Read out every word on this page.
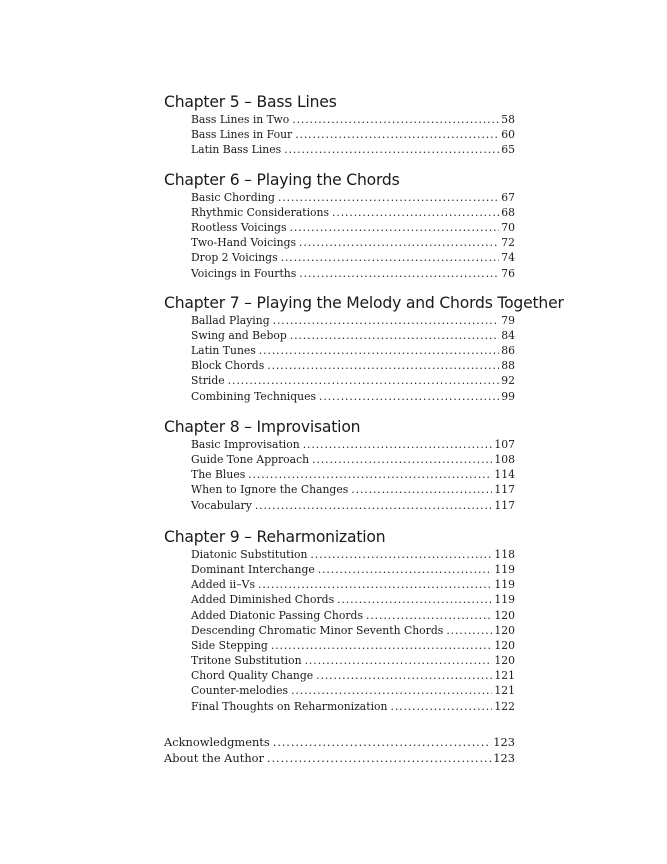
Chapter 5 – Bass Lines
Bass Lines in Two .....	58
Bass Lines in Four .....	60
Latin Bass Lines .....	65
Chapter 6 – Playing the Chords
Basic Chording .....	67
Rhythmic Considerations .....	68
Rootless Voicings .....	70
Two-Hand Voicings .....	72
Drop 2 Voicings .....	74
Voicings in Fourths .....	76
Chapter 7 – Playing the Melody and Chords Together
Ballad Playing .....	79
Swing and Bebop .....	84
Latin Tunes .....	86
Block Chords .....	88
Stride .....	92
Combining Techniques .....	99
Chapter 8 – Improvisation
Basic Improvisation .....	107
Guide Tone Approach .....	108
The Blues .....	114
When to Ignore the Changes .....	117
Vocabulary .....	117
Chapter 9 – Reharmonization
Diatonic Substitution .....	118
Dominant Interchange .....	119
Added ii–Vs .....	119
Added Diminished Chords .....	119
Added Diatonic Passing Chords .....	120
Descending Chromatic Minor Seventh Chords .....	120
Side Stepping .....	120
Tritone Substitution .....	120
Chord Quality Change .....	121
Counter-melodies .....	121
Final Thoughts on Reharmonization .....	122
Acknowledgments .....	123
About the Author .....	123
